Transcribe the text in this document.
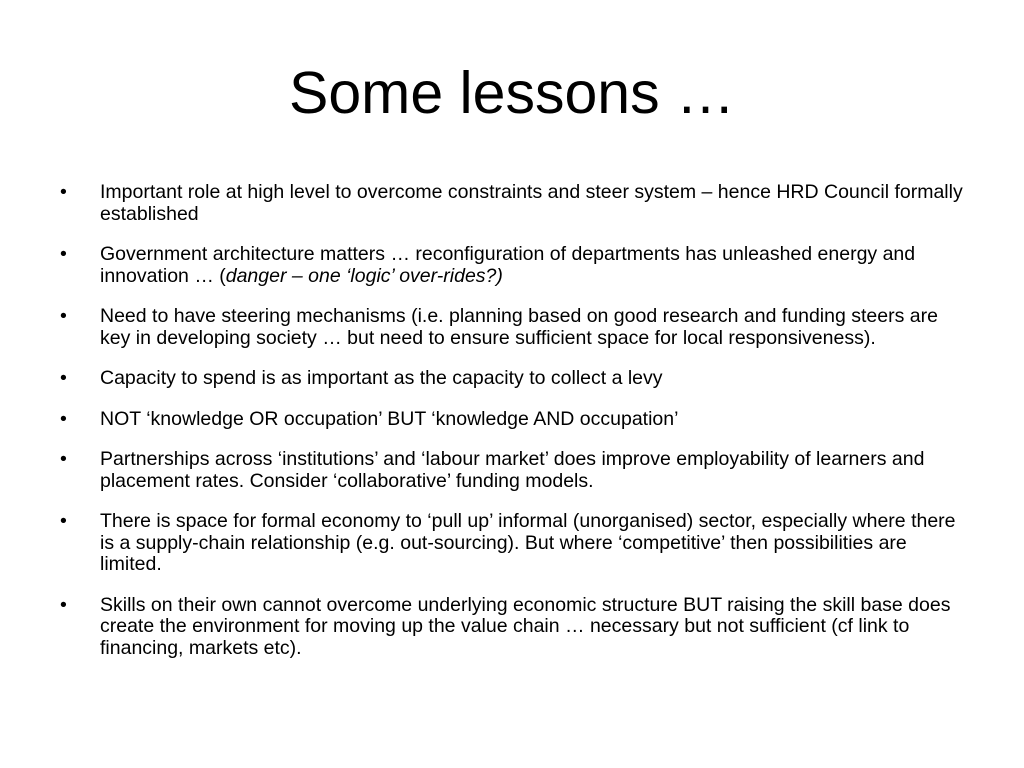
Some lessons …
• Important role at high level to overcome constraints and steer system – hence HRD Council formally established
• Government architecture matters … reconfiguration of departments has unleashed energy and innovation … (danger – one ‘logic’ over-rides?)
• Need to have steering mechanisms (i.e. planning based on good research and funding steers are key in developing society … but need to ensure sufficient space for local responsiveness).
• Capacity to spend is as important as the capacity to collect a levy
• NOT ‘knowledge OR occupation’ BUT ‘knowledge AND occupation’
• Partnerships across ‘institutions’ and ‘labour market’ does improve employability of learners and placement rates. Consider ‘collaborative’ funding models.
• There is space for formal economy to ‘pull up’ informal (unorganised) sector, especially where there is a supply-chain relationship (e.g. out-sourcing). But where ‘competitive’ then possibilities are limited.
• Skills on their own cannot overcome underlying economic structure BUT raising the skill base does create the environment for moving up the value chain … necessary but not sufficient (cf link to financing, markets etc).
